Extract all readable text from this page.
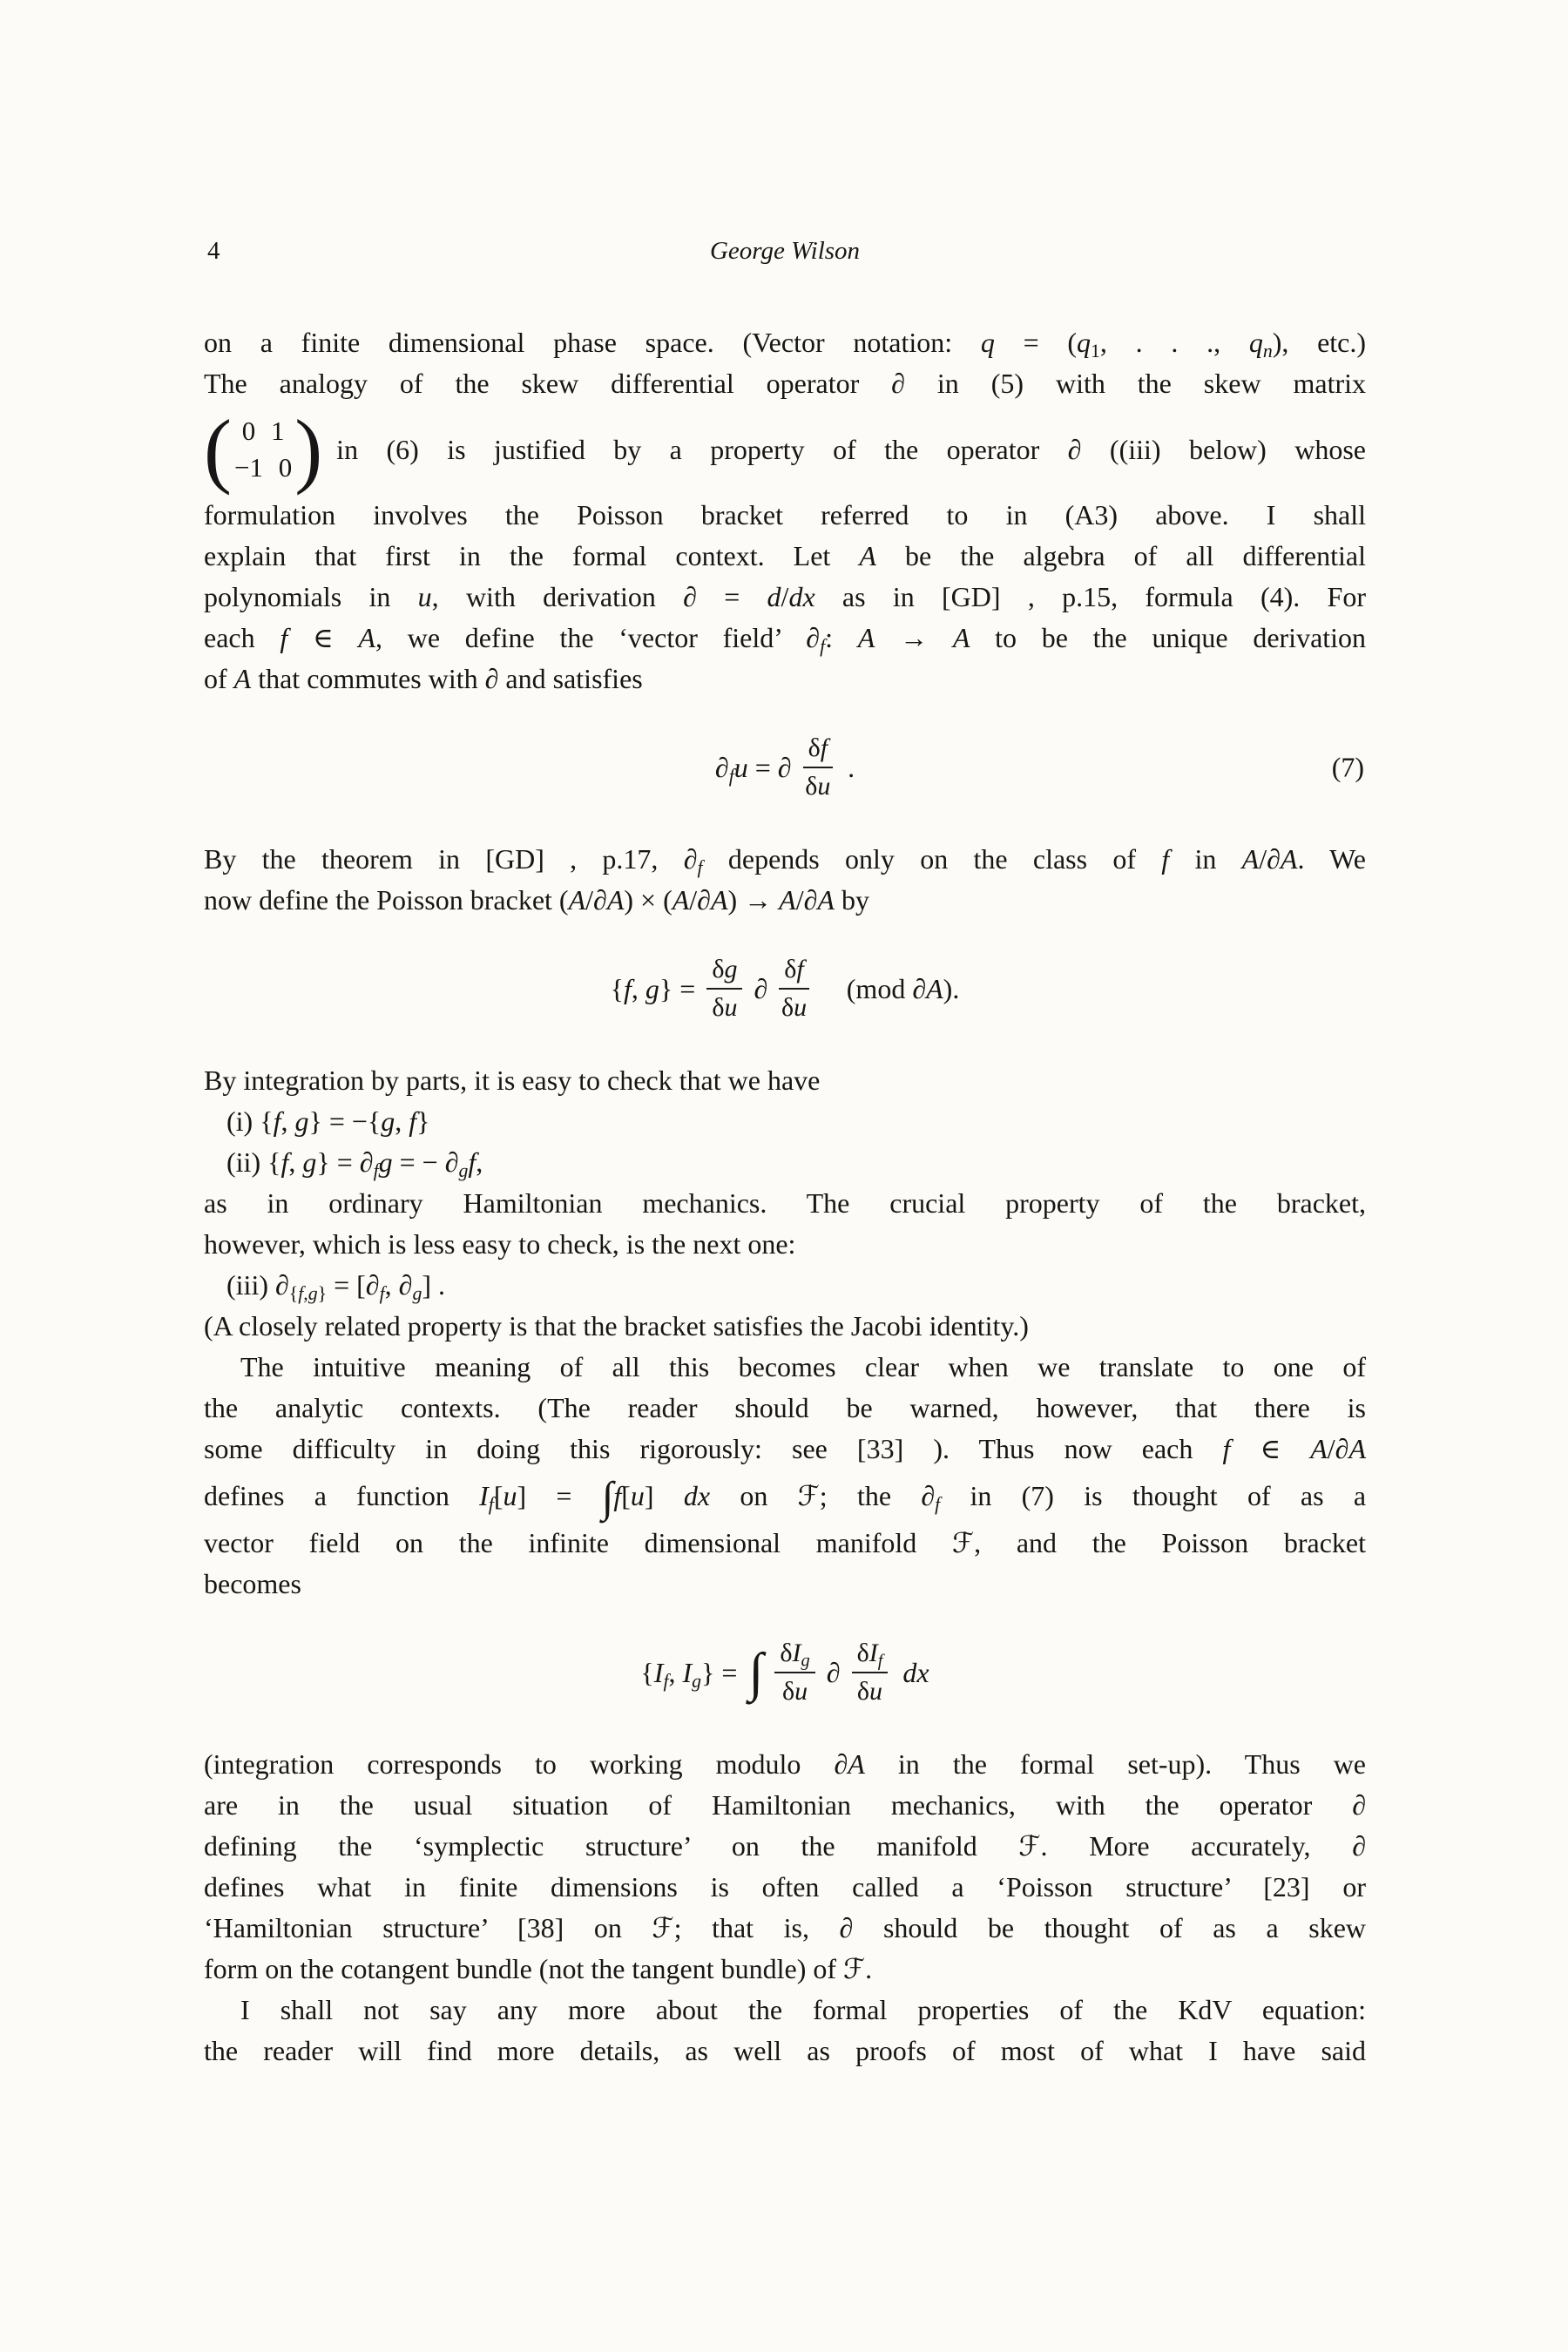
4	George Wilson
on a finite dimensional phase space. (Vector notation: $q = (q_1$, . . ., $q_n$), etc.)
The analogy of the skew differential operator ∂ in (5) with the skew matrix
( 0 1
−1 0 ) in (6) is justified by a property of the operator ∂ ((iii) below) whose
formulation involves the Poisson bracket referred to in (A3) above. I shall
explain that first in the formal context. Let A be the algebra of all differential
polynomials in u, with derivation ∂ = d/dx as in [GD] , p.15, formula (4). For
each f ∈ A, we define the ‘vector field’ $\partial_f$: A → A to be the unique derivation
of A that commutes with ∂ and satisfies
$\partial_fu$ = ∂ $\frac{\delta f}{\delta u}$ .	(7)
By the theorem in [GD] , p.17, $\partial_f$ depends only on the class of f in A/∂A. We
now define the Poisson bracket (A/∂A) × (A/∂A) → A/∂A by
{f, $g\} = \frac{\delta g}{\delta u}$ ∂ $\frac{\delta f}{\delta u} (mod$ ∂A).
By integration by parts, it is easy to check that we have
(i) {f, g} = −{g, f}
(ii) {f, $g\} = \partial_fg$ = − $\partial_gf$,
as in ordinary Hamiltonian mechanics. The crucial property of the bracket,
however, which is less easy to check, is the next one:
(iii) $\partial_{\{f,g\}} = [\partial_f$, $\partial_g$] .
(A closely related property is that the bracket satisfies the Jacobi identity.)
The intuitive meaning of all this becomes clear when we translate to one of
the analytic contexts. (The reader should be warned, however, that there is
some difficulty in doing this rigorously: see [33] ). Thus now each f ∈ A/∂A
defines a function $I_f[u] = \int f[u]$ dx on ℱ; the $\partial_f$ in (7) is thought of as a
vector field on the infinite dimensional manifold ℱ, and the Poisson bracket
becomes
{$I_f$, $I_g$} = ∫ $\frac{\delta I_g}{\delta u}$ ∂ $\frac{\delta I_f}{\delta u}$ dx
(integration corresponds to working modulo ∂A in the formal set-up). Thus we
are in the usual situation of Hamiltonian mechanics, with the operator ∂
defining the ‘symplectic structure’ on the manifold ℱ. More accurately, ∂
defines what in finite dimensions is often called a ‘Poisson structure’ [23] or
‘Hamiltonian structure’ [38] on ℱ; that is, ∂ should be thought of as a skew
form on the cotangent bundle (not the tangent bundle) of ℱ.
I shall not say any more about the formal properties of the KdV equation:
the reader will find more details, as well as proofs of most of what I have said
